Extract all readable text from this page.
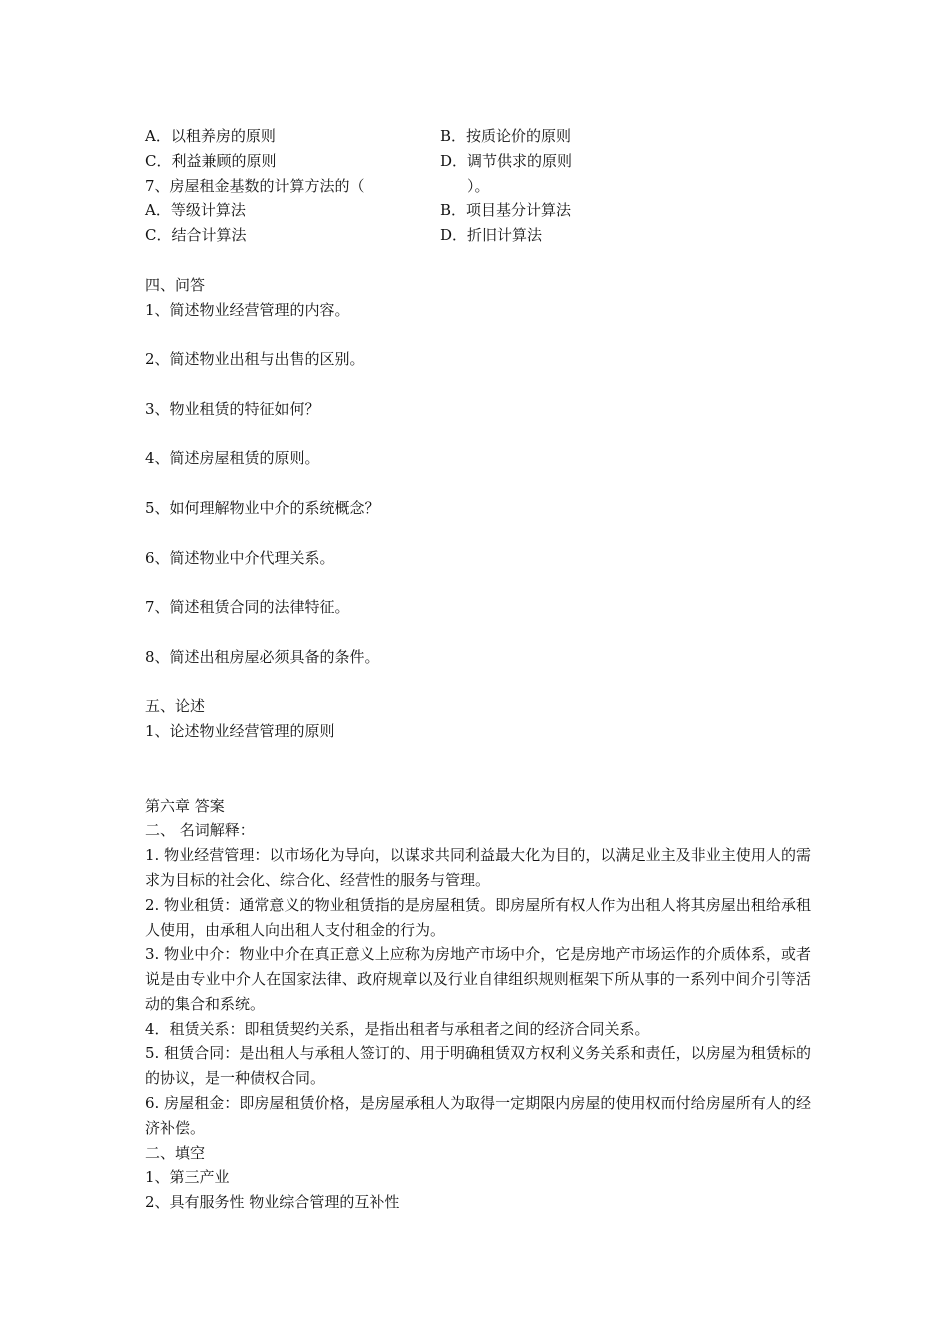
A．以租养房的原则	B．按质论价的原则
C．利益兼顾的原则	D．调节供求的原则
7、房屋租金基数的计算方法的（	）。
A．等级计算法	B．项目基分计算法
C．结合计算法	D．折旧计算法
四、问答
1、简述物业经营管理的内容。
2、简述物业出租与出售的区别。
3、物业租赁的特征如何？
4、简述房屋租赁的原则。
5、如何理解物业中介的系统概念？
6、简述物业中介代理关系。
7、简述租赁合同的法律特征。
8、简述出租房屋必须具备的条件。
五、论述
1、论述物业经营管理的原则
第六章 答案
二、 名词解释：
1. 物业经营管理：以市场化为导向，以谋求共同利益最大化为目的，以满足业主及非业主使用人的需求为目标的社会化、综合化、经营性的服务与管理。
2. 物业租赁：通常意义的物业租赁指的是房屋租赁。即房屋所有权人作为出租人将其房屋出租给承租人使用，由承租人向出租人支付租金的行为。
3. 物业中介：物业中介在真正意义上应称为房地产市场中介，它是房地产市场运作的介质体系，或者说是由专业中介人在国家法律、政府规章以及行业自律组织规则框架下所从事的一系列中间介引等活动的集合和系统。
4．租赁关系：即租赁契约关系，是指出租者与承租者之间的经济合同关系。
5. 租赁合同：是出租人与承租人签订的、用于明确租赁双方权利义务关系和责任，以房屋为租赁标的的协议，是一种债权合同。
6. 房屋租金：即房屋租赁价格，是房屋承租人为取得一定期限内房屋的使用权而付给房屋所有人的经济补偿。
二、填空
1、第三产业
2、具有服务性 物业综合管理的互补性
